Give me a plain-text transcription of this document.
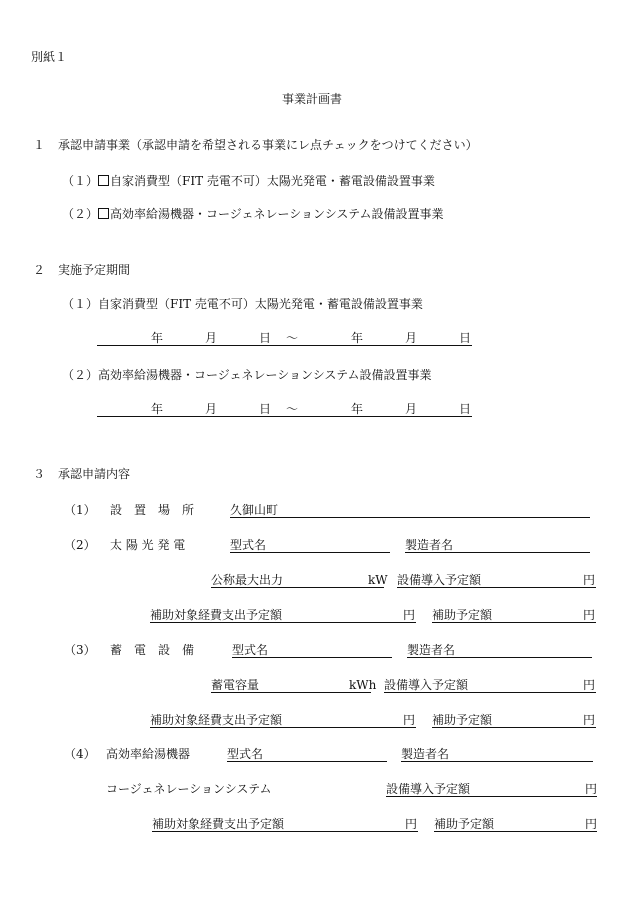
別紙１
事業計画書
１ 承認申請事業（承認申請を希望される事業にレ点チェックをつけてください）
（１） 自家消費型（FIT 売電不可）太陽光発電・蓄電設備設置事業
（２） 高効率給湯機器・コージェネレーションシステム設備設置事業
２ 実施予定期間
（１） 自家消費型（FIT 売電不可）太陽光発電・蓄電設備設置事業
年	月	日 ～	年	月	日
（２） 高効率給湯機器・コージェネレーションシステム設備設置事業
年	月	日 ～	年	月	日
３ 承認申請内容
（1） 設　置　場　所	久御山町
（2） 太 陽 光 発 電	型式名	製造者名
公称最大出力	kW 設備導入予定額	円
補助対象経費支出予定額	円 補助予定額	円
（3） 蓄　電　設　備	型式名	製造者名
蓄電容量	kWh 設備導入予定額	円
補助対象経費支出予定額	円 補助予定額	円
（4） 高効率給湯機器	型式名	製造者名
コージェネレーションシステム	設備導入予定額	円
補助対象経費支出予定額	円 補助予定額	円
